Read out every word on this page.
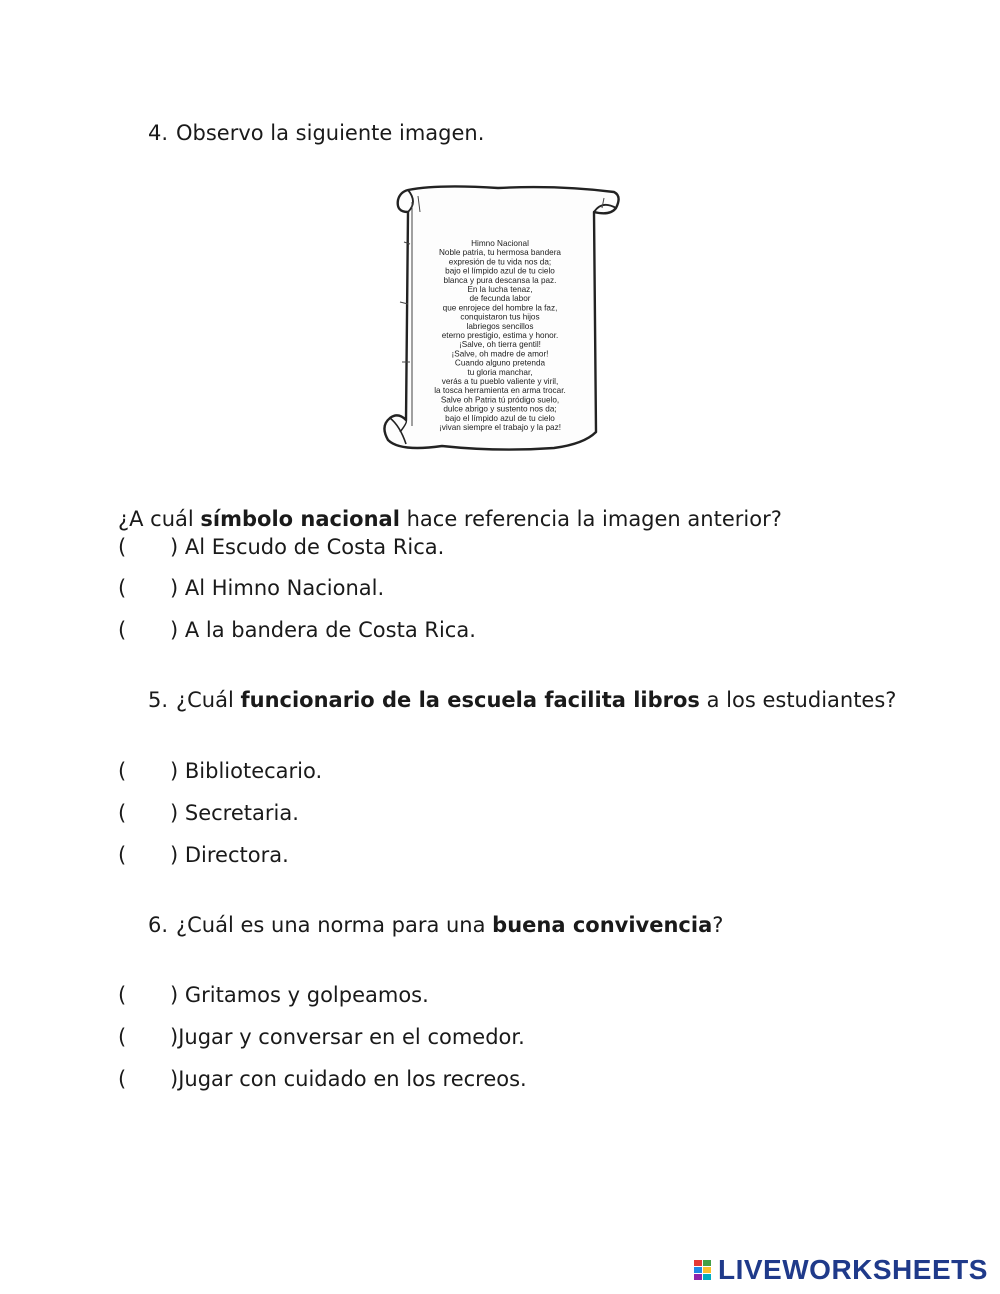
4. Observo la siguiente imagen.
Himno Nacional
Noble patria, tu hermosa bandera
expresión de tu vida nos da;
bajo el límpido azul de tu cielo
blanca y pura descansa la paz.
En la lucha tenaz,
de fecunda labor
que enrojece del hombre la faz,
conquistaron tus hijos
labriegos sencillos
eterno prestigio, estima y honor.
¡Salve, oh tierra gentil!
¡Salve, oh madre de amor!
Cuando alguno pretenda
tu gloria manchar,
verás a tu pueblo valiente y viril,
la tosca herramienta en arma trocar.
Salve oh Patria tú pródigo suelo,
dulce abrigo y sustento nos da;
bajo el límpido azul de tu cielo
¡vivan siempre el trabajo y la paz!
¿A cuál símbolo nacional hace referencia la imagen anterior?
( ) Al Escudo de Costa Rica.
( ) Al Himno Nacional.
( ) A la bandera de Costa Rica.
5. ¿Cuál funcionario de la escuela facilita libros a los estudiantes?
( ) Bibliotecario.
( ) Secretaria.
( ) Directora.
6. ¿Cuál es una norma para una buena convivencia?
( ) Gritamos y golpeamos.
( )Jugar y conversar en el comedor.
( )Jugar con cuidado en los recreos.
LIVEWORKSHEETS
